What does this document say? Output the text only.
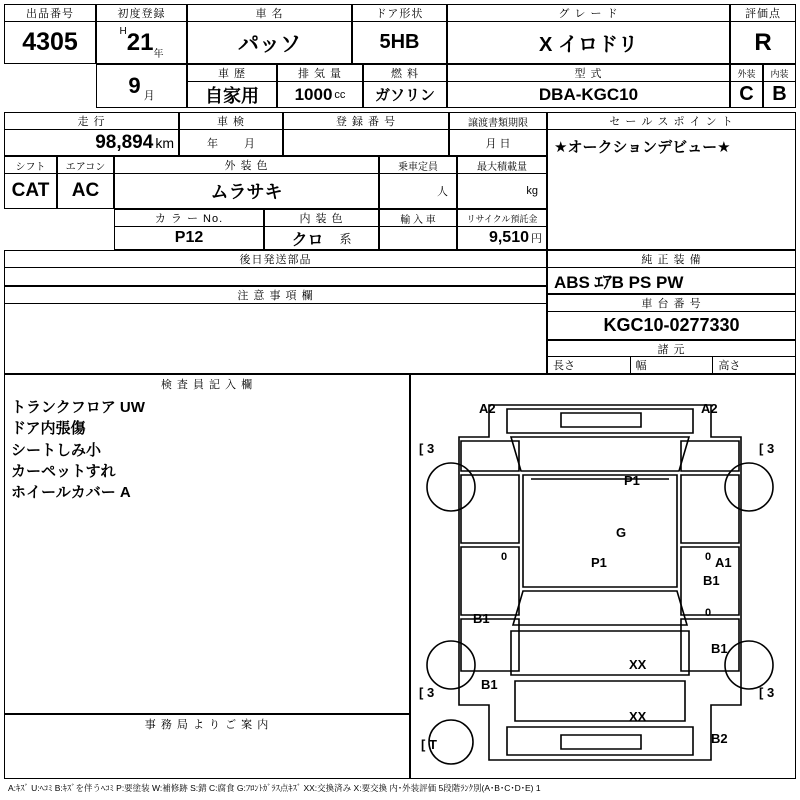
出品番号
4305
初度登録
H 21 年
車 名
パッソ
ドア形状
5HB
グ レ ー ド
X イロドリ
評価点
R
9 月
車 歴
自家用
排 気 量
1000 cc
燃 料
ガソリン
型 式
DBA-KGC10
外装
C
内装
B
走 行
98,894 km
車 検
年 月
登 録 番 号	譲渡書類期限
月 日
シフト
CAT
エアコン
AC
外 装 色
ムラサキ
乗車定員
人
最大積載量
kg
カ ラ ー No.
P12
内 装 色
クロ 系
輸 入 車	リサイクル預託金
9,510 円
後日発送部品
注 意 事 項 欄
セ ー ル ス ポ イ ン ト
★オークションデビュー★
純 正 装 備
ABS ｴｱB PS PW
車 台 番 号
KGC10-0277330
諸 元
長さ	幅	高さ
検 査 員 記 入 欄
トランクフロア UW
ドア内張傷
シートしみ小
カーペットすれ
ホイールカバー A
事 務 局 よ り ご 案 内
A2	A2
[ 3	[ 3
P1
G
P1	A1
B1
B1
B1
XX
B1
[ 3	[ 3
XX
B2
[ T
0	0
0
A:ｷｽﾞ U:ﾍｺﾐ B:ｷｽﾞを伴うﾍｺﾐ P:要塗装 W:補修跡 S:錆 C:腐食 G:ﾌﾛﾝﾄｶﾞﾗｽ点ｷｽﾞ XX:交換済み X:要交換 内･外装評価 5段階ﾗﾝｸ別(A･B･C･D･E) 1
